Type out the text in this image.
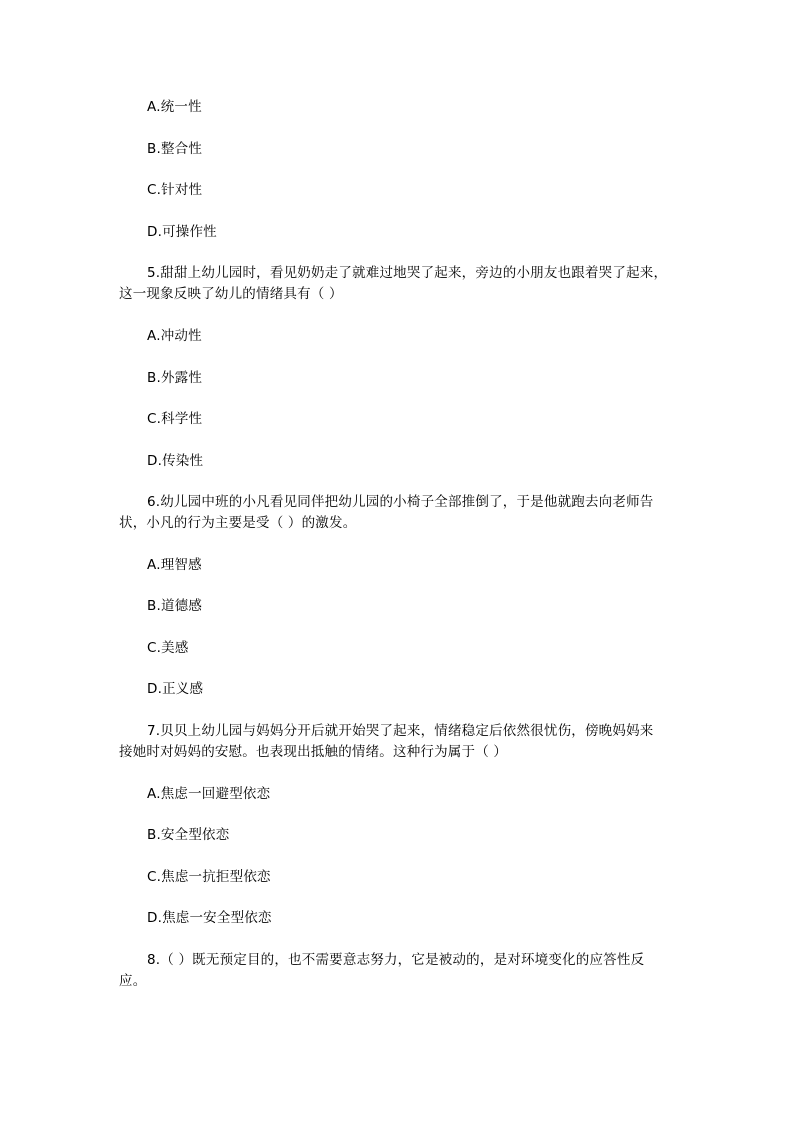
A.统一性
B.整合性
C.针对性
D.可操作性
5.甜甜上幼儿园时，看见奶奶走了就难过地哭了起来，旁边的小朋友也跟着哭了起来，
这一现象反映了幼儿的情绪具有（ ）
A.冲动性
B.外露性
C.科学性
D.传染性
6.幼儿园中班的小凡看见同伴把幼儿园的小椅子全部推倒了，于是他就跑去向老师告
状，小凡的行为主要是受（ ）的激发。
A.理智感
B.道德感
C.美感
D.正义感
7.贝贝上幼儿园与妈妈分开后就开始哭了起来，情绪稳定后依然很忧伤，傍晚妈妈来
接她时对妈妈的安慰。也表现出抵触的情绪。这种行为属于（ ）
A.焦虑一回避型依恋
B.安全型依恋
C.焦虑一抗拒型依恋
D.焦虑一安全型依恋
8.（ ）既无预定目的，也不需要意志努力，它是被动的，是对环境变化的应答性反
应。
